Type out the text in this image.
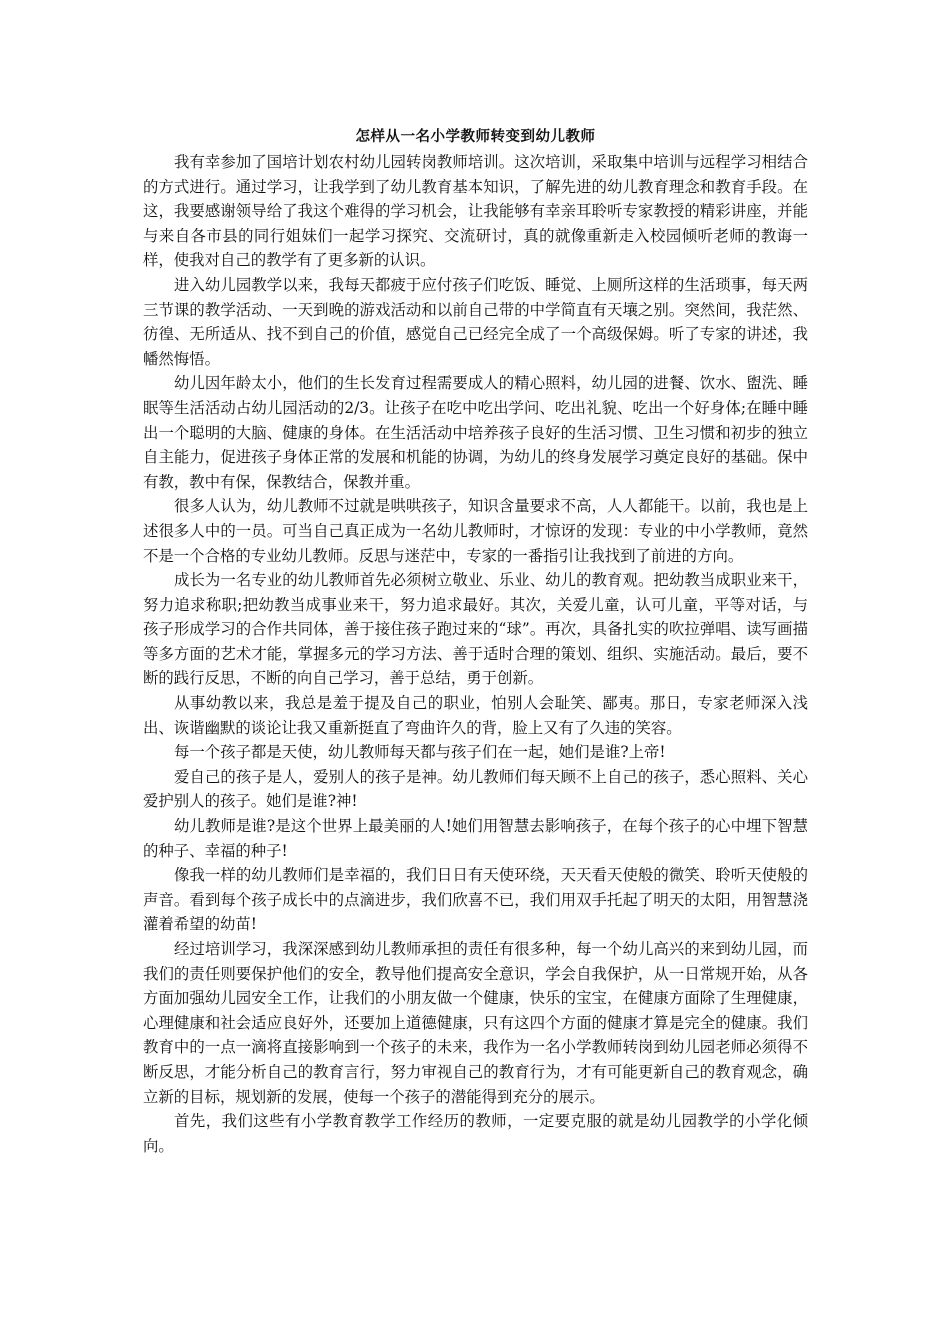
怎样从一名小学教师转变到幼儿教师

我有幸参加了国培计划农村幼儿园转岗教师培训。这次培训，采取集中培训与远程学习相结合的方式进行。通过学习，让我学到了幼儿教育基本知识，了解先进的幼儿教育理念和教育手段。在这，我要感谢领导给了我这个难得的学习机会，让我能够有幸亲耳聆听专家教授的精彩讲座，并能与来自各市县的同行姐妹们一起学习探究、交流研讨，真的就像重新走入校园倾听老师的教诲一样，使我对自己的教学有了更多新的认识。

进入幼儿园教学以来，我每天都疲于应付孩子们吃饭、睡觉、上厕所这样的生活琐事，每天两三节课的教学活动、一天到晚的游戏活动和以前自己带的中学简直有天壤之别。突然间，我茫然、彷徨、无所适从、找不到自己的价值，感觉自己已经完全成了一个高级保姆。听了专家的讲述，我幡然悔悟。

幼儿因年龄太小，他们的生长发育过程需要成人的精心照料，幼儿园的进餐、饮水、盥洗、睡眠等生活活动占幼儿园活动的2/3。让孩子在吃中吃出学问、吃出礼貌、吃出一个好身体;在睡中睡出一个聪明的大脑、健康的身体。在生活活动中培养孩子良好的生活习惯、卫生习惯和初步的独立自主能力，促进孩子身体正常的发展和机能的协调，为幼儿的终身发展学习奠定良好的基础。保中有教，教中有保，保教结合，保教并重。

很多人认为，幼儿教师不过就是哄哄孩子，知识含量要求不高，人人都能干。以前，我也是上述很多人中的一员。可当自己真正成为一名幼儿教师时，才惊讶的发现：专业的中小学教师，竟然不是一个合格的专业幼儿教师。反思与迷茫中，专家的一番指引让我找到了前进的方向。

成长为一名专业的幼儿教师首先必须树立敬业、乐业、幼儿的教育观。把幼教当成职业来干，努力追求称职;把幼教当成事业来干，努力追求最好。其次，关爱儿童，认可儿童，平等对话，与孩子形成学习的合作共同体，善于接住孩子跑过来的“球”。再次，具备扎实的吹拉弹唱、读写画描等多方面的艺术才能，掌握多元的学习方法、善于适时合理的策划、组织、实施活动。最后，要不断的践行反思，不断的向自己学习，善于总结，勇于创新。

从事幼教以来，我总是羞于提及自己的职业，怕别人会耻笑、鄙夷。那日，专家老师深入浅出、诙谐幽默的谈论让我又重新挺直了弯曲许久的背，脸上又有了久违的笑容。

每一个孩子都是天使，幼儿教师每天都与孩子们在一起，她们是谁?上帝!

爱自己的孩子是人，爱别人的孩子是神。幼儿教师们每天顾不上自己的孩子，悉心照料、关心爱护别人的孩子。她们是谁?神!

幼儿教师是谁?是这个世界上最美丽的人!她们用智慧去影响孩子，在每个孩子的心中埋下智慧的种子、幸福的种子!

像我一样的幼儿教师们是幸福的，我们日日有天使环绕，天天看天使般的微笑、聆听天使般的声音。看到每个孩子成长中的点滴进步，我们欣喜不已，我们用双手托起了明天的太阳，用智慧浇灌着希望的幼苗!

经过培训学习，我深深感到幼儿教师承担的责任有很多种，每一个幼儿高兴的来到幼儿园，而我们的责任则要保护他们的安全，教导他们提高安全意识，学会自我保护，从一日常规开始，从各方面加强幼儿园安全工作，让我们的小朋友做一个健康，快乐的宝宝，在健康方面除了生理健康，心理健康和社会适应良好外，还要加上道德健康，只有这四个方面的健康才算是完全的健康。我们教育中的一点一滴将直接影响到一个孩子的未来，我作为一名小学教师转岗到幼儿园老师必须得不断反思，才能分析自己的教育言行，努力审视自己的教育行为，才有可能更新自己的教育观念，确立新的目标，规划新的发展，使每一个孩子的潜能得到充分的展示。

首先，我们这些有小学教育教学工作经历的教师，一定要克服的就是幼儿园教学的小学化倾向。
